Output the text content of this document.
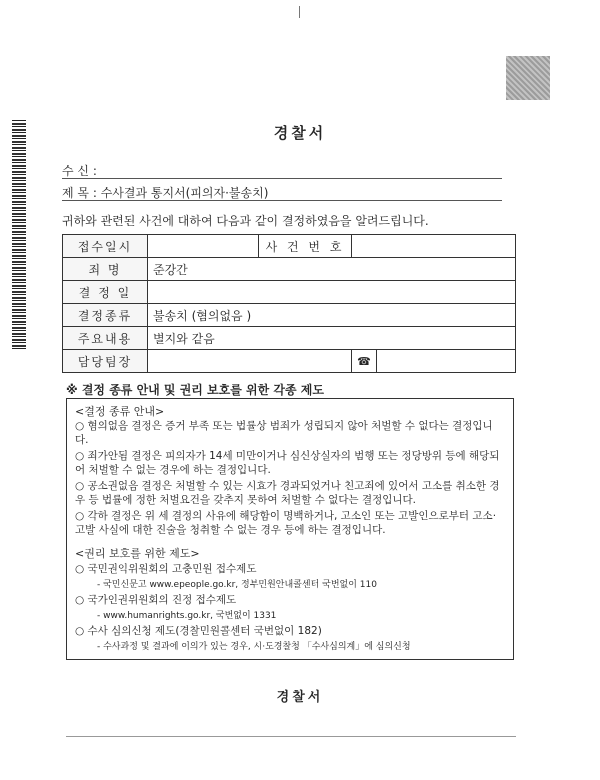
경찰서
수 신 :
제 목 : 수사결과 통지서(피의자·불송치)
귀하와 관련된 사건에 대하여 다음과 같이 결정하였음을 알려드립니다.
접수일시		사 건 번 호		
죄 명	준강간			
결 정 일				
결정종류	불송치 (혐의없음 )			
주요내용	별지와 같음			
담당팀장			☎	
※ 결정 종류 안내 및 권리 보호를 위한 각종 제도
<결정 종류 안내>
○ 혐의없음 결정은 증거 부족 또는 법률상 범죄가 성립되지 않아 처벌할 수 없다는 결정입니다.
○ 죄가안됨 결정은 피의자가 14세 미만이거나 심신상실자의 범행 또는 정당방위 등에 해당되어 처벌할 수 없는 경우에 하는 결정입니다.
○ 공소권없음 결정은 처벌할 수 있는 시효가 경과되었거나 친고죄에 있어서 고소를 취소한 경우 등 법률에 정한 처벌요건을 갖추지 못하여 처벌할 수 없다는 결정입니다.
○ 각하 결정은 위 세 결정의 사유에 해당함이 명백하거나, 고소인 또는 고발인으로부터 고소·고발 사실에 대한 진술을 청취할 수 없는 경우 등에 하는 결정입니다.
<권리 보호를 위한 제도>
○ 국민권익위원회의 고충민원 접수제도
- 국민신문고 www.epeople.go.kr, 정부민원안내콜센터 국번없이 110
○ 국가인권위원회의 진정 접수제도
- www.humanrights.go.kr, 국번없이 1331
○ 수사 심의신청 제도(경찰민원콜센터 국번없이 182)
- 수사과정 및 결과에 이의가 있는 경우, 시·도경찰청 「수사심의계」에 심의신청
경찰서
